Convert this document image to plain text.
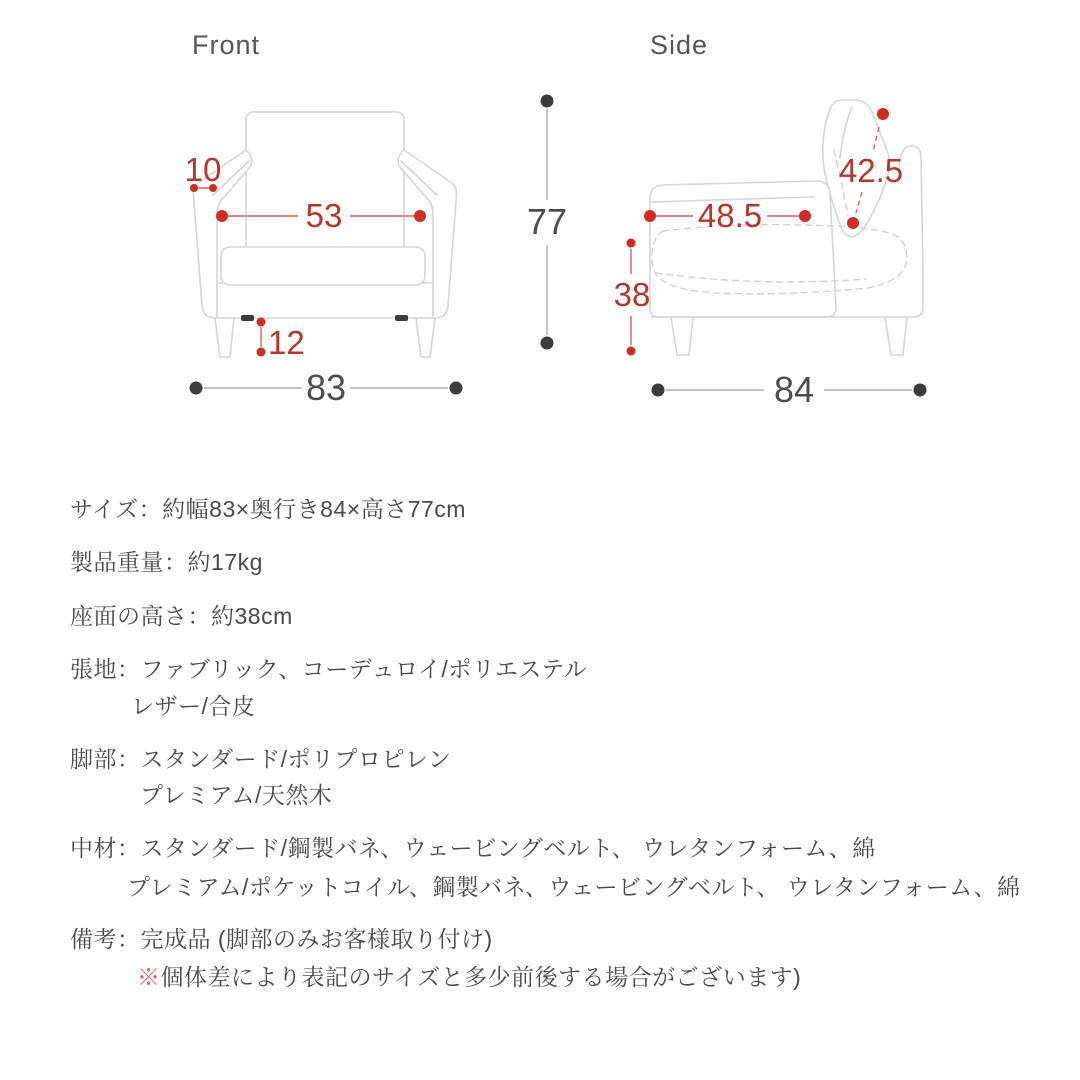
Front
10
53
12
83
77
Side
48.5
42.5
38
84
サイズ：約幅83×奥行き84×高さ77cm
製品重量：約17kg
座面の高さ：約38cm
張地：ファブリック、コーデュロイ/ポリエステル
レザー/合皮
脚部：スタンダード/ポリプロピレン
プレミアム/天然木
中材：スタンダード/鋼製バネ、ウェービングベルト、 ウレタンフォーム、綿
プレミアム/ポケットコイル、鋼製バネ、ウェービングベルト、 ウレタンフォーム、綿
備考：完成品 (脚部のみお客様取り付け)
※個体差により表記のサイズと多少前後する場合がございます)
